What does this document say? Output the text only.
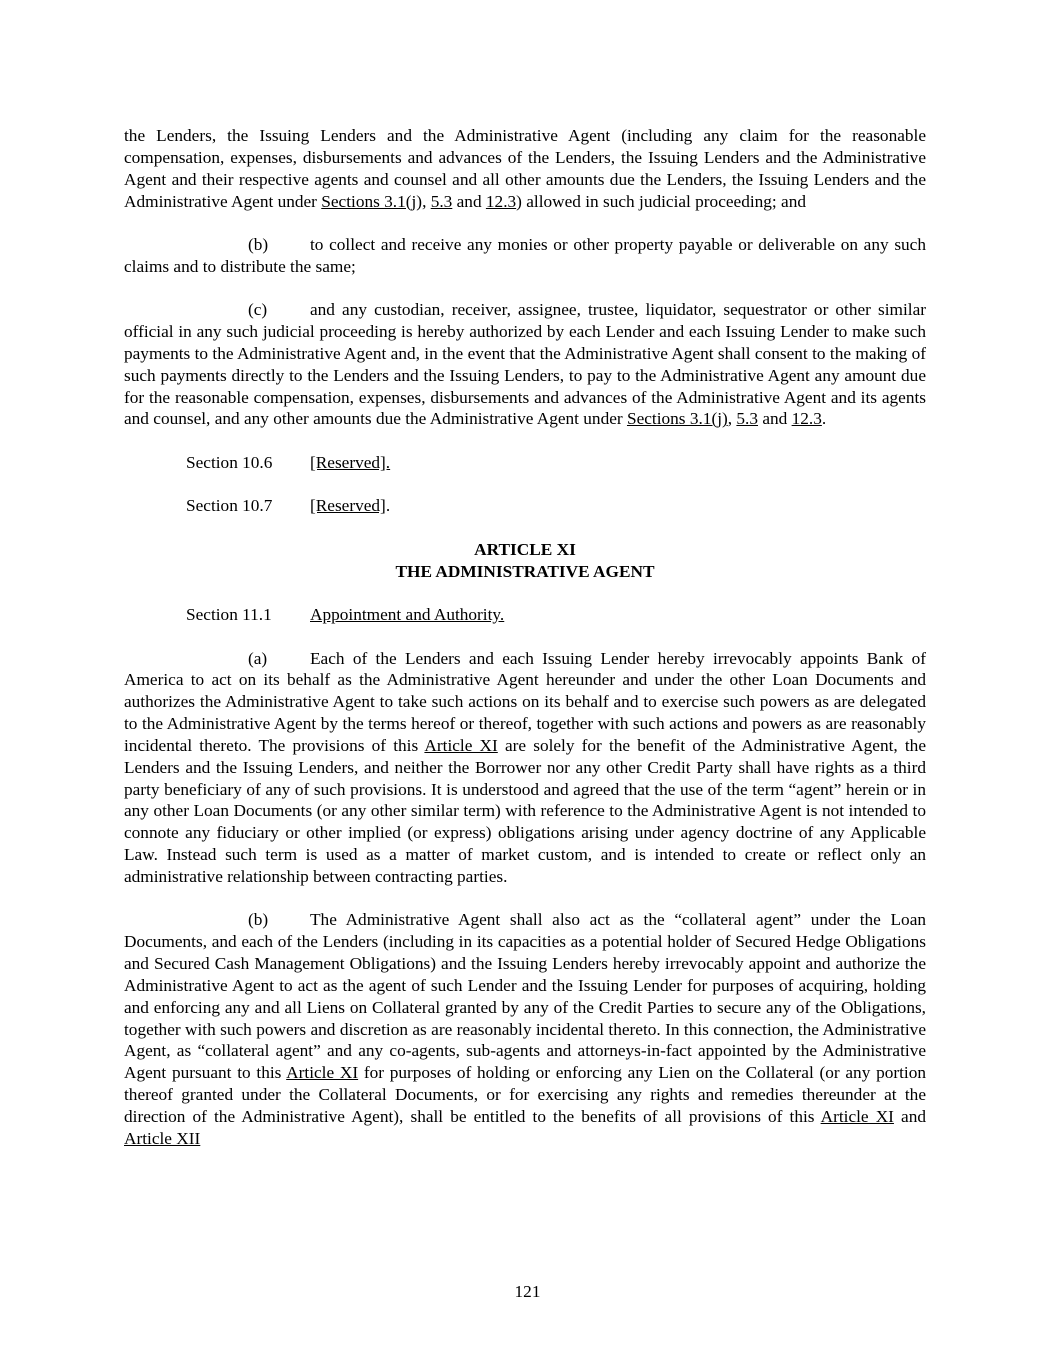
the Lenders, the Issuing Lenders and the Administrative Agent (including any claim for the reasonable compensation, expenses, disbursements and advances of the Lenders, the Issuing Lenders and the Administrative Agent and their respective agents and counsel and all other amounts due the Lenders, the Issuing Lenders and the Administrative Agent under Sections 3.1(j), 5.3 and 12.3) allowed in such judicial proceeding; and

(b) to collect and receive any monies or other property payable or deliverable on any such claims and to distribute the same;

(c) and any custodian, receiver, assignee, trustee, liquidator, sequestrator or other similar official in any such judicial proceeding is hereby authorized by each Lender and each Issuing Lender to make such payments to the Administrative Agent and, in the event that the Administrative Agent shall consent to the making of such payments directly to the Lenders and the Issuing Lenders, to pay to the Administrative Agent any amount due for the reasonable compensation, expenses, disbursements and advances of the Administrative Agent and its agents and counsel, and any other amounts due the Administrative Agent under Sections 3.1(j), 5.3 and 12.3.

Section 10.6 [Reserved].

Section 10.7 [Reserved].

ARTICLE XI

THE ADMINISTRATIVE AGENT

Section 11.1 Appointment and Authority.

(a) Each of the Lenders and each Issuing Lender hereby irrevocably appoints Bank of America to act on its behalf as the Administrative Agent hereunder and under the other Loan Documents and authorizes the Administrative Agent to take such actions on its behalf and to exercise such powers as are delegated to the Administrative Agent by the terms hereof or thereof, together with such actions and powers as are reasonably incidental thereto. The provisions of this Article XI are solely for the benefit of the Administrative Agent, the Lenders and the Issuing Lenders, and neither the Borrower nor any other Credit Party shall have rights as a third party beneficiary of any of such provisions. It is understood and agreed that the use of the term “agent” herein or in any other Loan Documents (or any other similar term) with reference to the Administrative Agent is not intended to connote any fiduciary or other implied (or express) obligations arising under agency doctrine of any Applicable Law. Instead such term is used as a matter of market custom, and is intended to create or reflect only an administrative relationship between contracting parties.

(b) The Administrative Agent shall also act as the “collateral agent” under the Loan Documents, and each of the Lenders (including in its capacities as a potential holder of Secured Hedge Obligations and Secured Cash Management Obligations) and the Issuing Lenders hereby irrevocably appoint and authorize the Administrative Agent to act as the agent of such Lender and the Issuing Lender for purposes of acquiring, holding and enforcing any and all Liens on Collateral granted by any of the Credit Parties to secure any of the Obligations, together with such powers and discretion as are reasonably incidental thereto. In this connection, the Administrative Agent, as “collateral agent” and any co-agents, sub-agents and attorneys-in-fact appointed by the Administrative Agent pursuant to this Article XI for purposes of holding or enforcing any Lien on the Collateral (or any portion thereof granted under the Collateral Documents, or for exercising any rights and remedies thereunder at the direction of the Administrative Agent), shall be entitled to the benefits of all provisions of this Article XI and Article XII

121
